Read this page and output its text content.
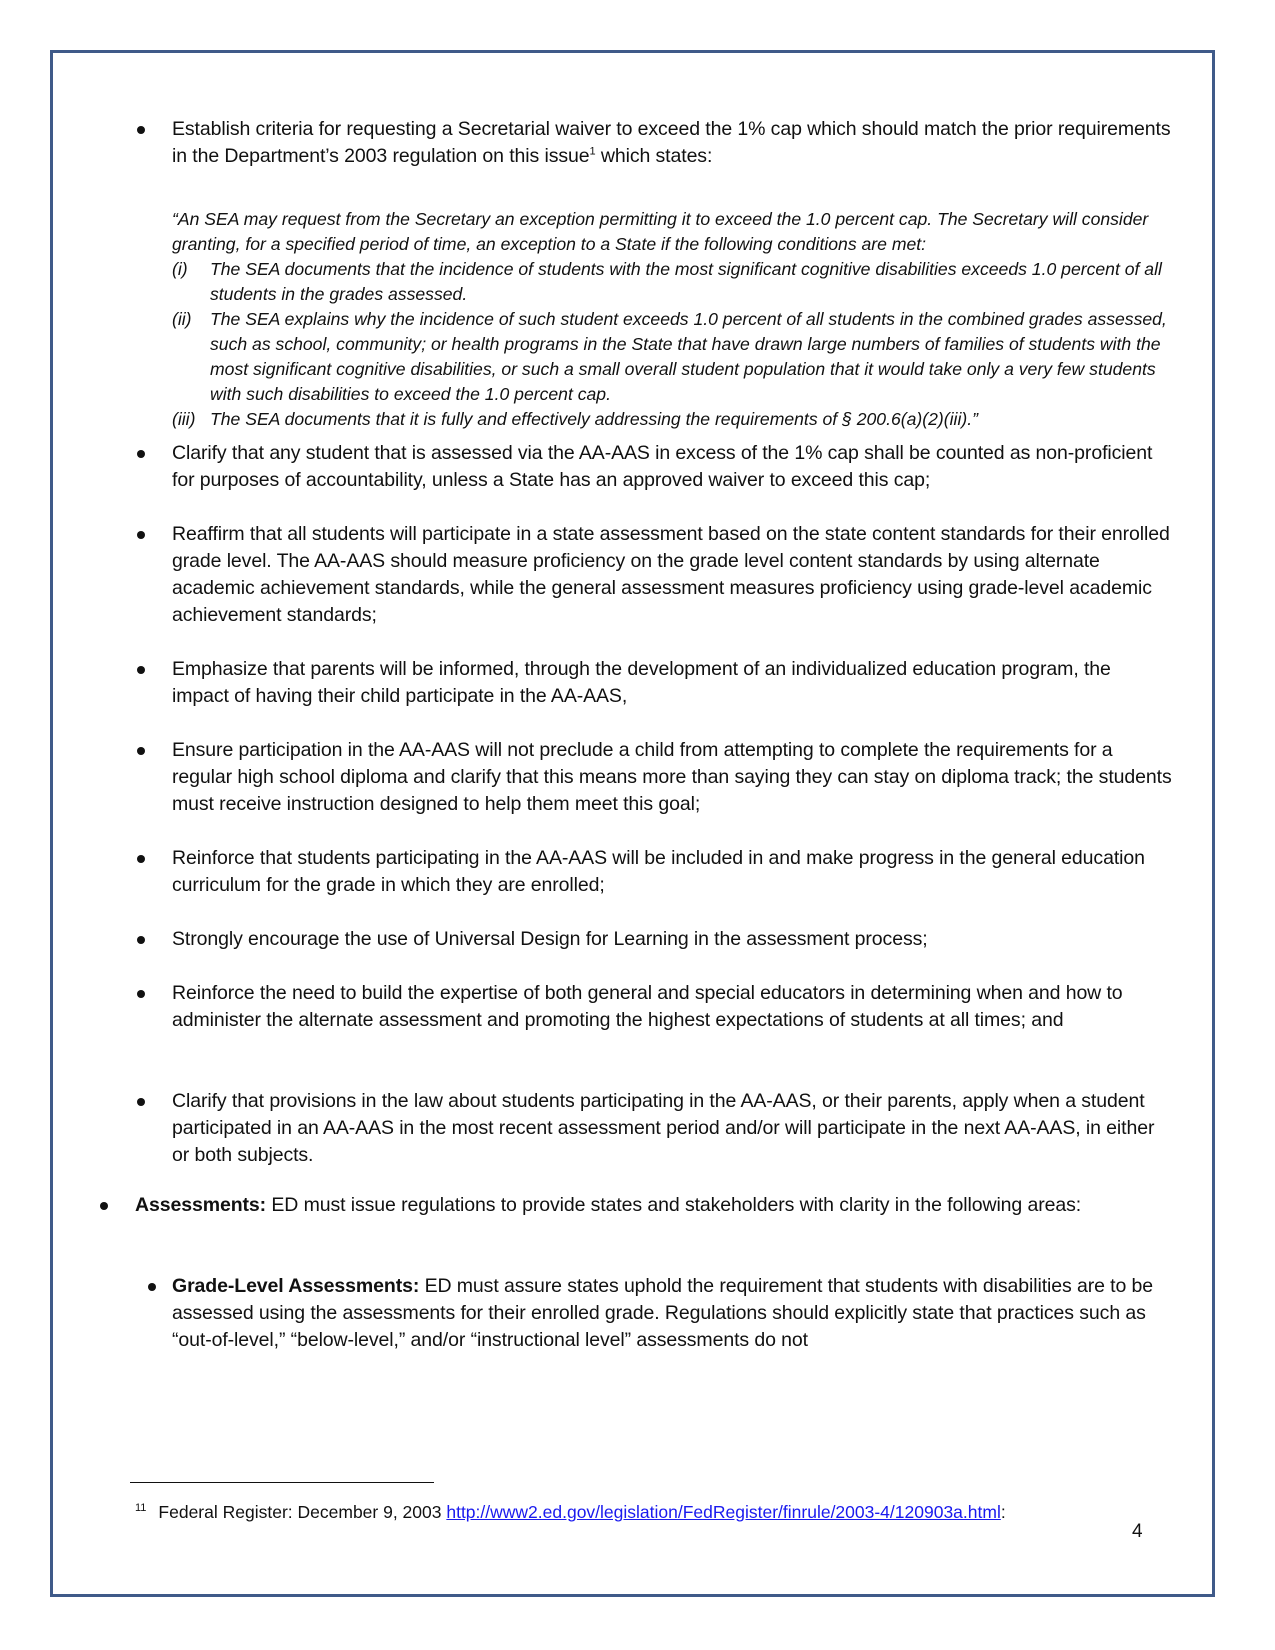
Establish criteria for requesting a Secretarial waiver to exceed the 1% cap which should match the prior requirements in the Department’s 2003 regulation on this issue$^1$ which states:
“An SEA may request from the Secretary an exception permitting it to exceed the 1.0 percent cap. The Secretary will consider granting, for a specified period of time, an exception to a State if the following conditions are met:
(i) The SEA documents that the incidence of students with the most significant cognitive disabilities exceeds 1.0 percent of all students in the grades assessed.
(ii) The SEA explains why the incidence of such student exceeds 1.0 percent of all students in the combined grades assessed, such as school, community; or health programs in the State that have drawn large numbers of families of students with the most significant cognitive disabilities, or such a small overall student population that it would take only a very few students with such disabilities to exceed the 1.0 percent cap.
(iii) The SEA documents that it is fully and effectively addressing the requirements of § 200.6(a)(2)(iii).”
Clarify that any student that is assessed via the AA-AAS in excess of the 1% cap shall be counted as non-proficient for purposes of accountability, unless a State has an approved waiver to exceed this cap;
Reaffirm that all students will participate in a state assessment based on the state content standards for their enrolled grade level. The AA-AAS should measure proficiency on the grade level content standards by using alternate academic achievement standards, while the general assessment measures proficiency using grade-level academic achievement standards;
Emphasize that parents will be informed, through the development of an individualized education program, the impact of having their child participate in the AA-AAS,
Ensure participation in the AA-AAS will not preclude a child from attempting to complete the requirements for a regular high school diploma and clarify that this means more than saying they can stay on diploma track; the students must receive instruction designed to help them meet this goal;
Reinforce that students participating in the AA-AAS will be included in and make progress in the general education curriculum for the grade in which they are enrolled;
Strongly encourage the use of Universal Design for Learning in the assessment process;
Reinforce the need to build the expertise of both general and special educators in determining when and how to administer the alternate assessment and promoting the highest expectations of students at all times; and
Clarify that provisions in the law about students participating in the AA-AAS, or their parents, apply when a student participated in an AA-AAS in the most recent assessment period and/or will participate in the next AA-AAS, in either or both subjects.
Assessments: ED must issue regulations to provide states and stakeholders with clarity in the following areas:
Grade-Level Assessments: ED must assure states uphold the requirement that students with disabilities are to be assessed using the assessments for their enrolled grade. Regulations should explicitly state that practices such as “out-of-level,” “below-level,” and/or “instructional level” assessments do not
$^{11}$ Federal Register: December 9, 2003 http://www2.ed.gov/legislation/FedRegister/finrule/2003-4/120903a.html:
4
